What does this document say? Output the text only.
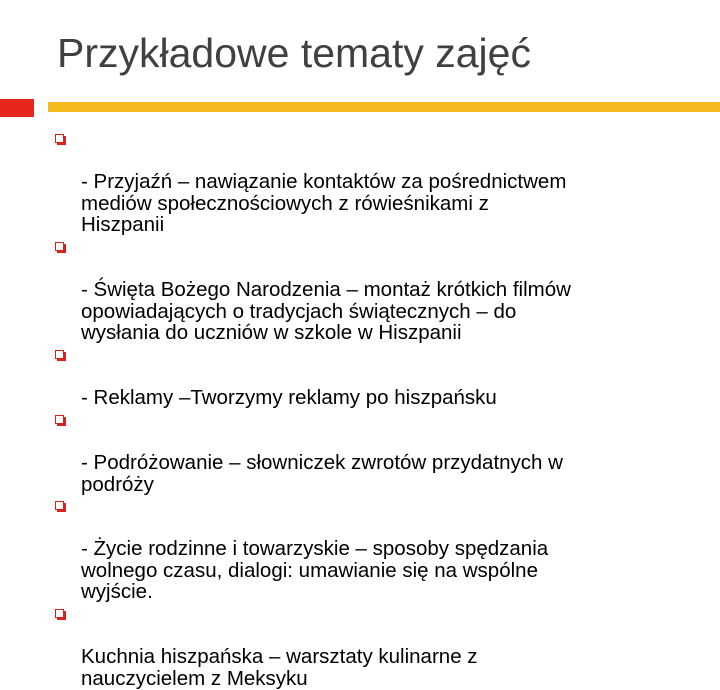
Przykładowe tematy zajęć

- Przyjaźń – nawiązanie kontaktów za pośrednictwem
mediów społecznościowych z rówieśnikami z
Hiszpanii

- Święta Bożego Narodzenia – montaż krótkich filmów
opowiadających o tradycjach świątecznych – do
wysłania do uczniów w szkole w Hiszpanii

- Reklamy –Tworzymy reklamy po hiszpańsku

- Podróżowanie – słowniczek zwrotów przydatnych w
podróży

- Życie rodzinne i towarzyskie – sposoby spędzania
wolnego czasu, dialogi: umawianie się na wspólne
wyjście.

Kuchnia hiszpańska – warsztaty kulinarne z
nauczycielem z Meksyku
